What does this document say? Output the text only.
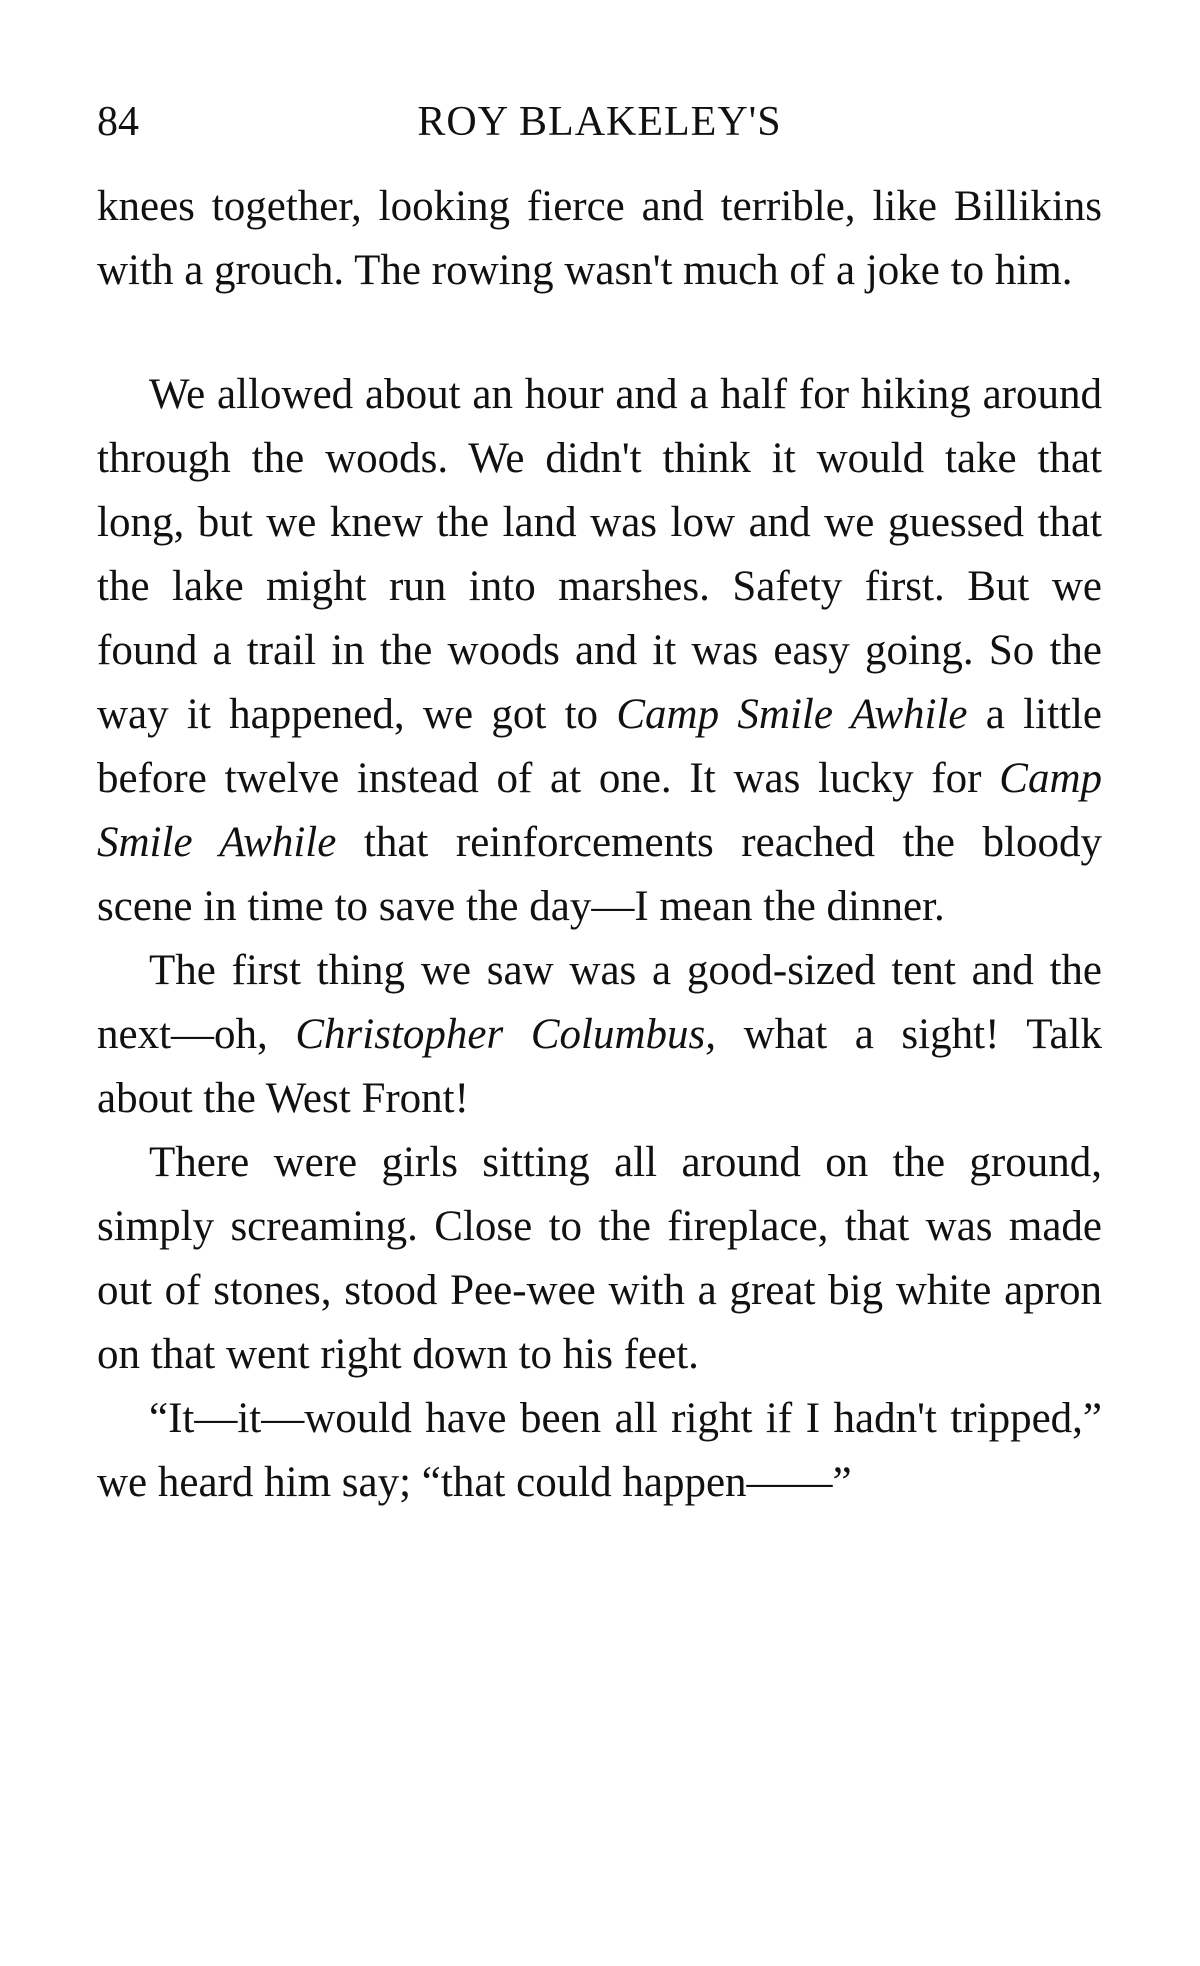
84	ROY BLAKELEY'S

knees together, looking fierce and terrible, like Billikins with a grouch. The rowing wasn't much of a joke to him.

We allowed about an hour and a half for hiking around through the woods. We didn't think it would take that long, but we knew the land was low and we guessed that the lake might run into marshes. Safety first. But we found a trail in the woods and it was easy going. So the way it happened, we got to Camp Smile Awhile a little before twelve instead of at one. It was lucky for Camp Smile Awhile that reinforcements reached the bloody scene in time to save the day—I mean the dinner.

The first thing we saw was a good-sized tent and the next—oh, Christopher Columbus, what a sight! Talk about the West Front!

There were girls sitting all around on the ground, simply screaming. Close to the fireplace, that was made out of stones, stood Pee-wee with a great big white apron on that went right down to his feet.

“It—it—would have been all right if I hadn't tripped,” we heard him say; “that could happen——”
